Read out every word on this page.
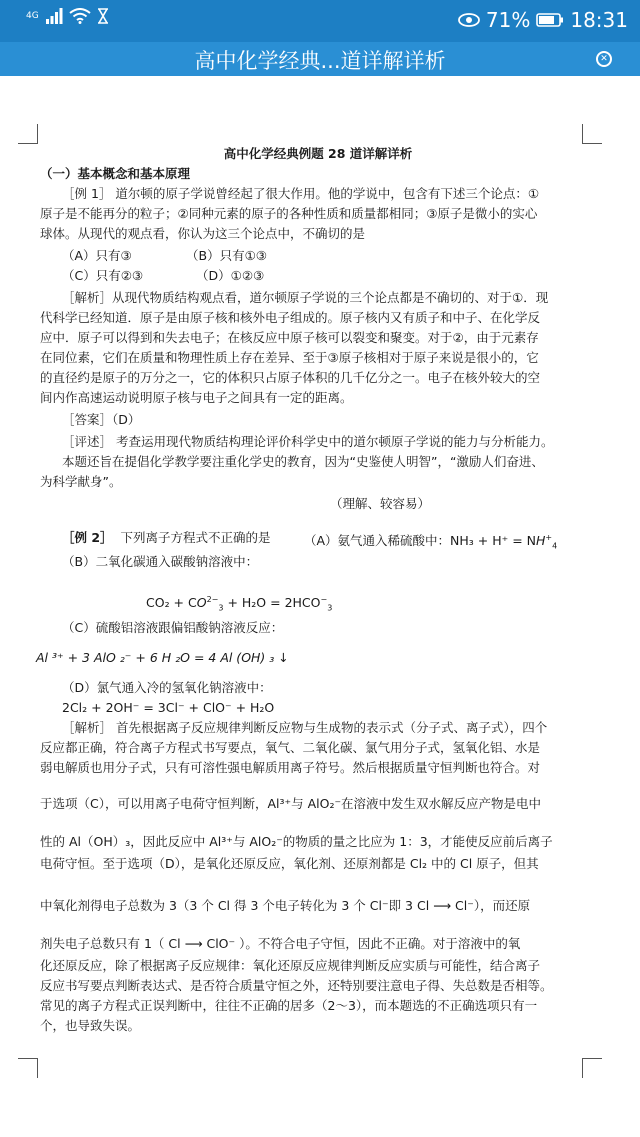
4G	71% 18:31
高中化学经典...道详解详析	✕
高中化学经典例题 28 道详解详析
（一）基本概念和基本原理
［例 1］ 道尔顿的原子学说曾经起了很大作用。他的学说中，包含有下述三个论点：①
原子是不能再分的粒子；②同种元素的原子的各种性质和质量都相同；③原子是微小的实心
球体。从现代的观点看，你认为这三个论点中，不确切的是
（A）只有③	（B）只有①③
（C）只有②③	（D）①②③
［解析］从现代物质结构观点看，道尔顿原子学说的三个论点都是不确切的、对于①．现
代科学已经知道．原子是由原子核和核外电子组成的。原子核内又有质子和中子、在化学反
应中．原子可以得到和失去电子；在核反应中原子核可以裂变和聚变。对于②，由于元素存
在同位素，它们在质量和物理性质上存在差异、至于③原子核相对于原子来说是很小的，它
的直径约是原子的万分之一，它的体积只占原子体积的几千亿分之一。电子在核外较大的空
间内作高速运动说明原子核与电子之间具有一定的距离。
［答案］（D）
［评述］ 考查运用现代物质结构理论评价科学史中的道尔顿原子学说的能力与分析能力。
本题还旨在提倡化学教学要注重化学史的教育，因为“史鉴使人明智”，“激励人们奋进、
为科学献身”。
（理解、较容易）
［例 2］ 下列离子方程式不正确的是	（A）氨气通入稀硫酸中：$NH_3 + H^+ = NH^+_4$
（B）二氧化碳通入碳酸钠溶液中：
$CO_2 + CO^{2-}_3 + H_2O = 2HCO^-_3$
（C）硫酸铝溶液跟偏铝酸钠溶液反应：
Al ³⁺ + 3 AlO ₂⁻ + 6 H ₂O = 4 Al (OH) ₃ ↓
（D）氯气通入冷的氢氧化钠溶液中：
2Cl₂ + 2OH⁻ = 3Cl⁻ + ClO⁻ + H₂O
［解析］ 首先根据离子反应规律判断反应物与生成物的表示式（分子式、离子式），四个
反应都正确，符合离子方程式书写要点，氧气、二氧化碳、氯气用分子式，氢氧化铝、水是
弱电解质也用分子式，只有可溶性强电解质用离子符号。然后根据质量守恒判断也符合。对
于选项（C），可以用离子电荷守恒判断，Al³⁺与 AlO₂⁻在溶液中发生双水解反应产物是电中
性的 Al（OH）₃，因此反应中 Al³⁺与 AlO₂⁻的物质的量之比应为 1：3，才能使反应前后离子
电荷守恒。至于选项（D），是氧化还原反应，氧化剂、还原剂都是 Cl₂ 中的 Cl 原子，但其
中氧化剂得电子总数为 3（3 个 Cl 得 3 个电子转化为 3 个 Cl⁻即 3 Cl ⟶ Cl⁻），而还原
剂失电子总数只有 1（ Cl ⟶ ClO⁻ ）。不符合电子守恒，因此不正确。对于溶液中的氧
化还原反应，除了根据离子反应规律：氧化还原反应规律判断反应实质与可能性，结合离子
反应书写要点判断表达式、是否符合质量守恒之外，还特别要注意电子得、失总数是否相等。
常见的离子方程式正误判断中，往往不正确的居多（2～3），而本题选的不正确选项只有一
个，也导致失误。
